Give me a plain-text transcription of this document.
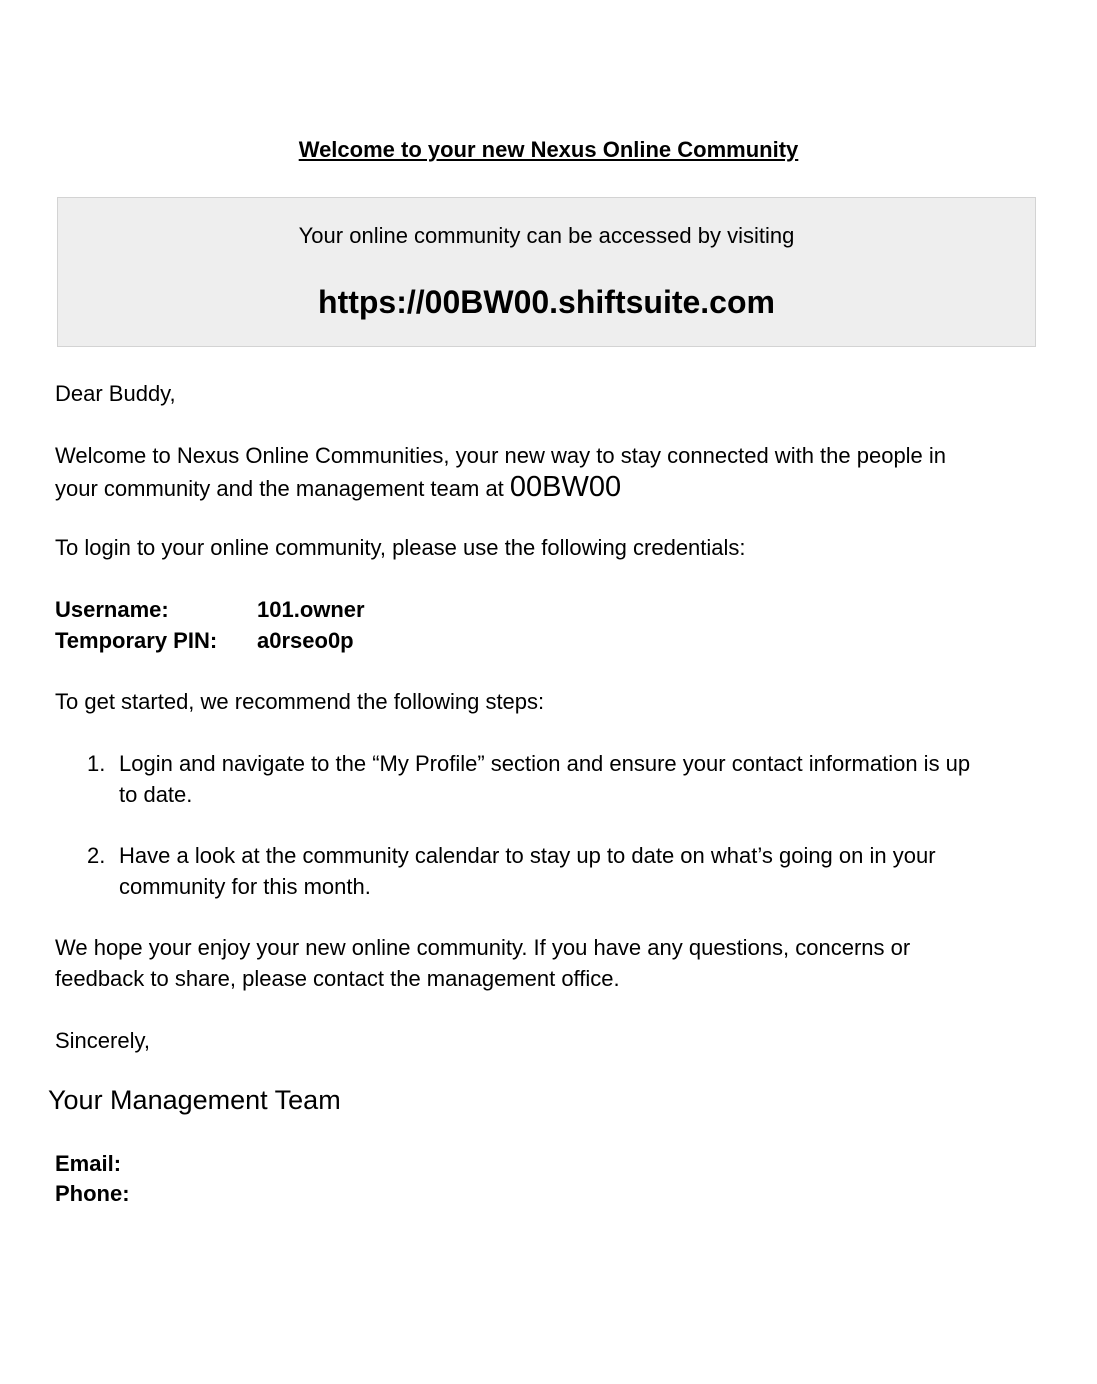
Welcome to your new Nexus Online Community
Your online community can be accessed by visiting
https://00BW00.shiftsuite.com
Dear Buddy,
Welcome to Nexus Online Communities, your new way to stay connected with the people in
your community and the management team at 00BW00
To login to your online community, please use the following credentials:
Username:	101.owner
Temporary PIN: a0rseo0p
To get started, we recommend the following steps:
1. Login and navigate to the “My Profile” section and ensure your contact information is up
to date.
2. Have a look at the community calendar to stay up to date on what’s going on in your
community for this month.
We hope your enjoy your new online community. If you have any questions, concerns or
feedback to share, please contact the management office.
Sincerely,
Your Management Team
Email:
Phone:
